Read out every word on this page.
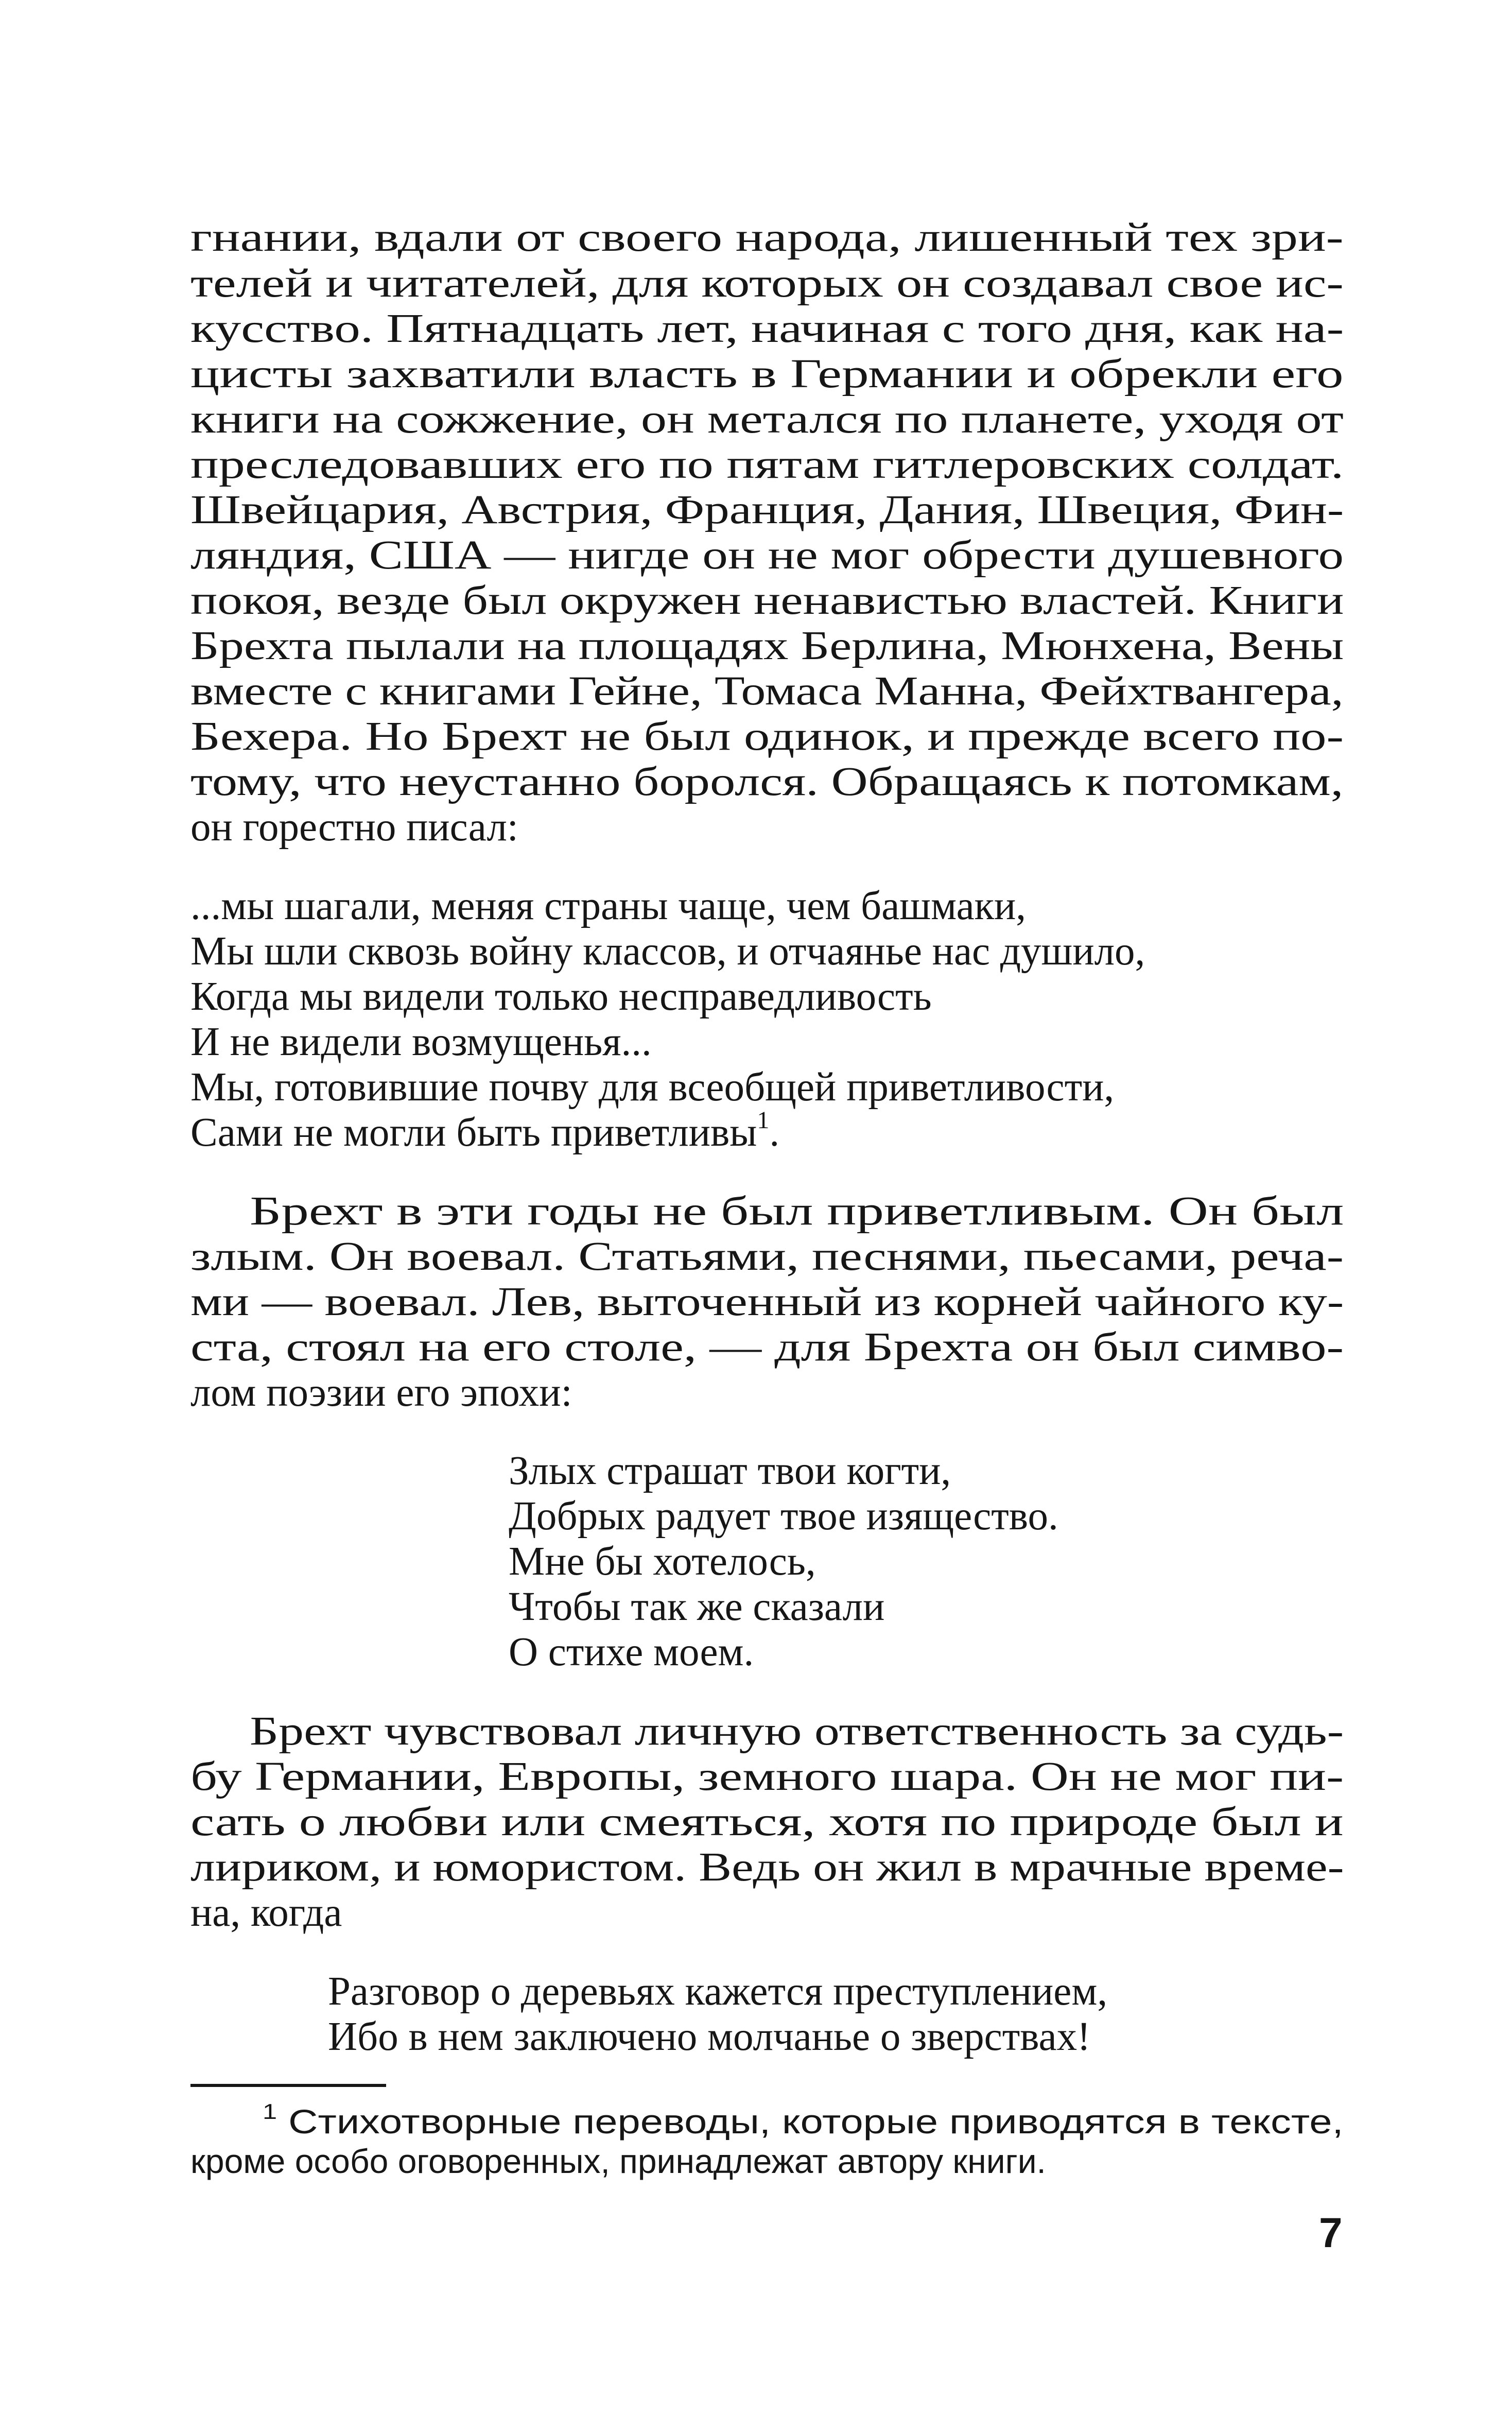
гнании, вдали от своего народа, лишенный тех зри-
телей и читателей, для которых он создавал свое ис-
кусство. Пятнадцать лет, начиная с того дня, как на-
цисты захватили власть в Германии и обрекли его
книги на сожжение, он метался по планете, уходя от
преследовавших его по пятам гитлеровских солдат.
Швейцария, Австрия, Франция, Дания, Швеция, Фин-
ляндия, США — нигде он не мог обрести душевного
покоя, везде был окружен ненавистью властей. Книги
Брехта пылали на площадях Берлина, Мюнхена, Вены
вместе с книгами Гейне, Томаса Манна, Фейхтвангера,
Бехера. Но Брехт не был одинок, и прежде всего по-
тому, что неустанно боролся. Обращаясь к потомкам,
он горестно писал:
...мы шагали, меняя страны чаще, чем башмаки,
Мы шли сквозь войну классов, и отчаянье нас душило,
Когда мы видели только несправедливость
И не видели возмущенья...
Мы, готовившие почву для всеобщей приветливости,
Сами не могли быть приветливы$^1$.
Брехт в эти годы не был приветливым. Он был
злым. Он воевал. Статьями, песнями, пьесами, реча-
ми — воевал. Лев, выточенный из корней чайного ку-
ста, стоял на его столе, — для Брехта он был симво-
лом поэзии его эпохи:
Злых страшат твои когти,
Добрых радует твое изящество.
Мне бы хотелось,
Чтобы так же сказали
О стихе моем.
Брехт чувствовал личную ответственность за судь-
бу Германии, Европы, земного шара. Он не мог пи-
сать о любви или смеяться, хотя по природе был и
лириком, и юмористом. Ведь он жил в мрачные време-
на, когда
Разговор о деревьях кажется преступлением,
Ибо в нем заключено молчанье о зверствах!
$^1$ Стихотворные переводы, которые приводятся в тексте,
кроме особо оговоренных, принадлежат автору книги.
7
